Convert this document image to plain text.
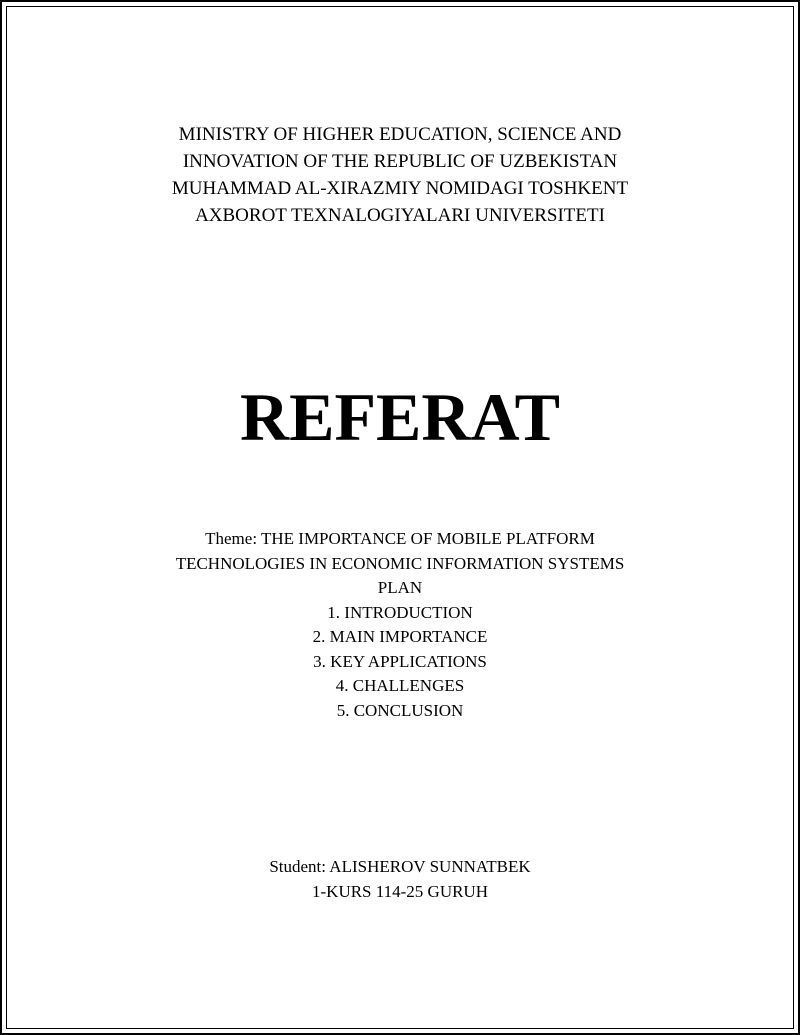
MINISTRY OF HIGHER EDUCATION, SCIENCE AND
INNOVATION OF THE REPUBLIC OF UZBEKISTAN
MUHAMMAD AL-XIRAZMIY NOMIDAGI TOSHKENT
AXBOROT TEXNALOGIYALARI UNIVERSITETI
REFERAT
Theme: THE IMPORTANCE OF MOBILE PLATFORM
TECHNOLOGIES IN ECONOMIC INFORMATION SYSTEMS
PLAN
1. INTRODUCTION
2. MAIN IMPORTANCE
3. KEY APPLICATIONS
4. CHALLENGES
5. CONCLUSION
Student: ALISHEROV SUNNATBEK
1-KURS 114-25 GURUH
